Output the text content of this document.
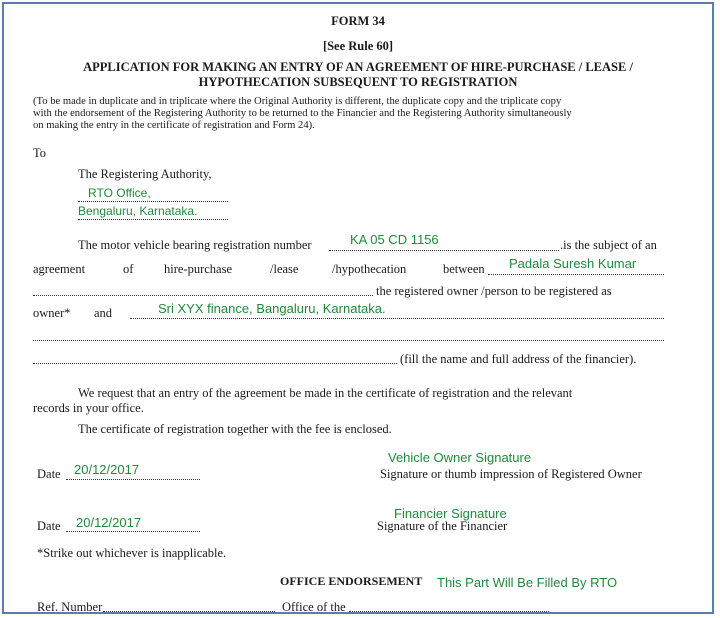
FORM 34
[See Rule 60]
APPLICATION FOR MAKING AN ENTRY OF AN AGREEMENT OF HIRE-PURCHASE / LEASE /
HYPOTHECATION SUBSEQUENT TO REGISTRATION
(To be made in duplicate and in triplicate where the Original Authority is different, the duplicate copy and the triplicate copy
with the endorsement of the Registering Authority to be returned to the Financier and the Registering Authority simultaneously
on making the entry in the certificate of registration and Form 24).
To
The Registering Authority,
RTO Office,
Bengaluru, Karnataka.
The motor vehicle bearing registration number	KA 05 CD 1156	.is the subject of an
agreement	of hire-purchase	/lease	/hypothecation	between Padala Suresh Kumar
the registered owner /person to be registered as
owner* and	Sri XYX finance, Bangaluru, Karnataka.
(fill the name and full address of the financier).
We request that an entry of the agreement be made in the certificate of registration and the relevant
records in your office.
The certificate of registration together with the fee is enclosed.
Vehicle Owner Signature
Signature or thumb impression of Registered Owner
Date 20/12/2017
Financier Signature
Signature of the Financier
Date 20/12/2017
*Strike out whichever is inapplicable.
OFFICE ENDORSEMENT This Part Will Be Filled By RTO
Ref. Number	Office of the
